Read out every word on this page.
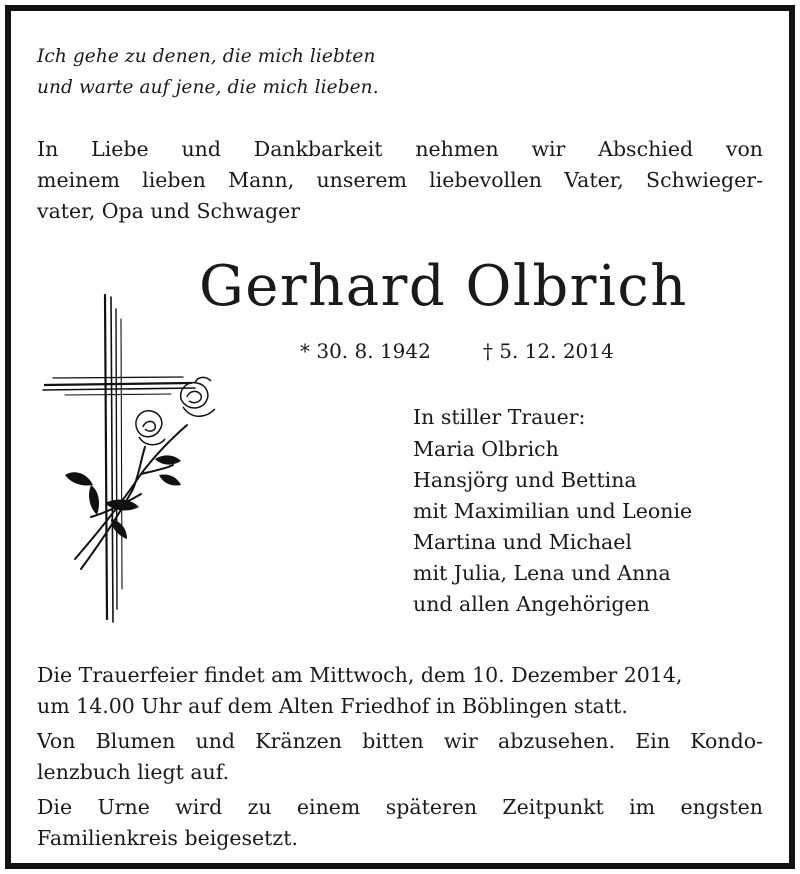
Ich gehe zu denen, die mich liebten
und warte auf jene, die mich lieben.
In Liebe und Dankbarkeit nehmen wir Abschied von
meinem lieben Mann, unserem liebevollen Vater, Schwieger-
vater, Opa und Schwager
Gerhard Olbrich
* 30. 8. 1942	† 5. 12. 2014
In stiller Trauer:
Maria Olbrich
Hansjörg und Bettina
mit Maximilian und Leonie
Martina und Michael
mit Julia, Lena und Anna
und allen Angehörigen

Die Trauerfeier findet am Mittwoch, dem 10. Dezember 2014,
um 14.00 Uhr auf dem Alten Friedhof in Böblingen statt.

Von Blumen und Kränzen bitten wir abzusehen. Ein Kondo-
lenzbuch liegt auf.

Die Urne wird zu einem späteren Zeitpunkt im engsten
Familienkreis beigesetzt.
